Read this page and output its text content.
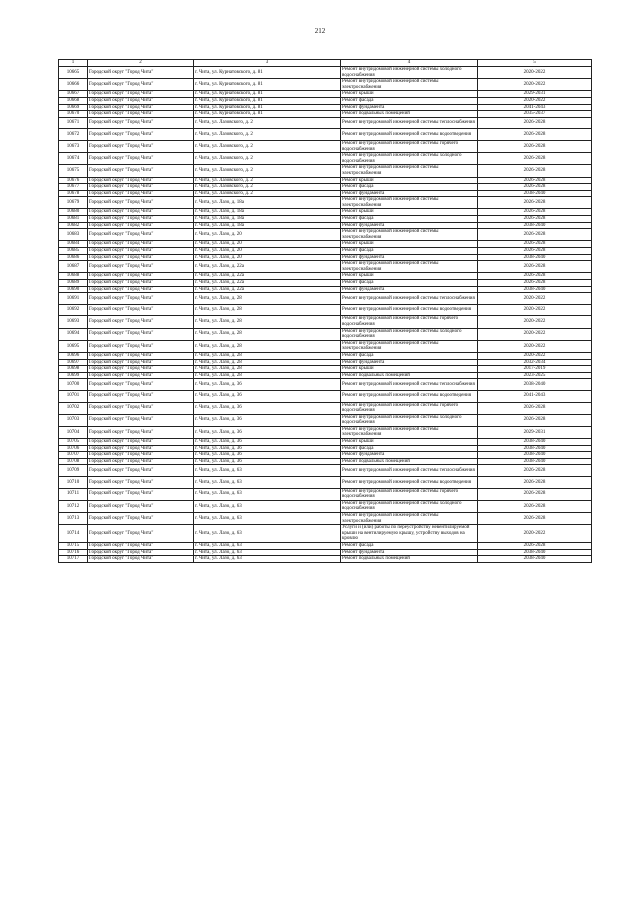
212
1	2	3	4	5
10665	Городской округ "Город Чита"	г. Чита, ул. Курнатовского, д. 81	Ремонт внутридомовой инженерной системы холодного водоснабжения	2020-2022
10666	Городской округ "Город Чита"	г. Чита, ул. Курнатовского, д. 81	Ремонт внутридомовой инженерной системы электроснабжения	2020-2022
10667	Городской округ "Город Чита"	г. Чита, ул. Курнатовского, д. 81	Ремонт крыши	2029-2031
10668	Городской округ "Город Чита"	г. Чита, ул. Курнатовского, д. 81	Ремонт фасада	2020-2022
10669	Городской округ "Город Чита"	г. Чита, ул. Курнатовского, д. 81	Ремонт фундамента	2041-2043
10670	Городской округ "Город Чита"	г. Чита, ул. Курнатовского, д. 81	Ремонт подвальных помещений	2035-2037
10671	Городской округ "Город Чита"	г. Чита, ул. Лазовского, д. 2	Ремонт внутридомовой инженерной системы теплоснабжения	2026-2028
10672	Городской округ "Город Чита"	г. Чита, ул. Лазовского, д. 2	Ремонт внутридомовой инженерной системы водоотведения	2026-2028
10673	Городской округ "Город Чита"	г. Чита, ул. Лазовского, д. 2	Ремонт внутридомовой инженерной системы горячего водоснабжения	2026-2028
10674	Городской округ "Город Чита"	г. Чита, ул. Лазовского, д. 2	Ремонт внутридомовой инженерной системы холодного водоснабжения	2026-2028
10675	Городской округ "Город Чита"	г. Чита, ул. Лазовского, д. 2	Ремонт внутридомовой инженерной системы электроснабжения	2026-2028
10676	Городской округ "Город Чита"	г. Чита, ул. Лазовского, д. 2	Ремонт крыши	2026-2028
10677	Городской округ "Город Чита"	г. Чита, ул. Лазовского, д. 2	Ремонт фасада	2026-2028
10678	Городской округ "Город Чита"	г. Чита, ул. Лазовского, д. 2	Ремонт фундамента	2038-2040
10679	Городской округ "Город Чита"	г. Чита, ул. Лазо, д. 18а	Ремонт внутридомовой инженерной системы электроснабжения	2026-2028
10680	Городской округ "Город Чита"	г. Чита, ул. Лазо, д. 18а	Ремонт крыши	2026-2028
10681	Городской округ "Город Чита"	г. Чита, ул. Лазо, д. 18а	Ремонт фасада	2026-2028
10682	Городской округ "Город Чита"	г. Чита, ул. Лазо, д. 18а	Ремонт фундамента	2038-2040
10683	Городской округ "Город Чита"	г. Чита, ул. Лазо, д. 20	Ремонт внутридомовой инженерной системы электроснабжения	2026-2028
10684	Городской округ "Город Чита"	г. Чита, ул. Лазо, д. 20	Ремонт крыши	2026-2028
10685	Городской округ "Город Чита"	г. Чита, ул. Лазо, д. 20	Ремонт фасада	2026-2028
10686	Городской округ "Город Чита"	г. Чита, ул. Лазо, д. 20	Ремонт фундамента	2038-2040
10687	Городской округ "Город Чита"	г. Чита, ул. Лазо, д. 22а	Ремонт внутридомовой инженерной системы электроснабжения	2026-2028
10688	Городской округ "Город Чита"	г. Чита, ул. Лазо, д. 22а	Ремонт крыши	2026-2028
10689	Городской округ "Город Чита"	г. Чита, ул. Лазо, д. 22а	Ремонт фасада	2026-2028
10690	Городской округ "Город Чита"	г. Чита, ул. Лазо, д. 22а	Ремонт фундамента	2038-2040
10691	Городской округ "Город Чита"	г. Чита, ул. Лазо, д. 28	Ремонт внутридомовой инженерной системы теплоснабжения	2020-2022
10692	Городской округ "Город Чита"	г. Чита, ул. Лазо, д. 28	Ремонт внутридомовой инженерной системы водоотведения	2020-2022
10693	Городской округ "Город Чита"	г. Чита, ул. Лазо, д. 28	Ремонт внутридомовой инженерной системы горячего водоснабжения	2020-2022
10694	Городской округ "Город Чита"	г. Чита, ул. Лазо, д. 28	Ремонт внутридомовой инженерной системы холодного водоснабжения	2020-2022
10695	Городской округ "Город Чита"	г. Чита, ул. Лазо, д. 28	Ремонт внутридомовой инженерной системы электроснабжения	2020-2022
10696	Городской округ "Город Чита"	г. Чита, ул. Лазо, д. 28	Ремонт фасада	2020-2022
10697	Городской округ "Город Чита"	г. Чита, ул. Лазо, д. 28	Ремонт фундамента	2032-2034
10698	Городской округ "Город Чита"	г. Чита, ул. Лазо, д. 28	Ремонт крыши	2017-2019
10699	Городской округ "Город Чита"	г. Чита, ул. Лазо, д. 28	Ремонт подвальных помещений	2023-2025
10700	Городской округ "Город Чита"	г. Чита, ул. Лазо, д. 36	Ремонт внутридомовой инженерной системы теплоснабжения	2038-2040
10701	Городской округ "Город Чита"	г. Чита, ул. Лазо, д. 36	Ремонт внутридомовой инженерной системы водоотведения	2041-2043
10702	Городской округ "Город Чита"	г. Чита, ул. Лазо, д. 36	Ремонт внутридомовой инженерной системы горячего водоснабжения	2026-2028
10703	Городской округ "Город Чита"	г. Чита, ул. Лазо, д. 36	Ремонт внутридомовой инженерной системы холодного водоснабжения	2026-2028
10704	Городской округ "Город Чита"	г. Чита, ул. Лазо, д. 36	Ремонт внутридомовой инженерной системы электроснабжения	2029-2031
10705	Городской округ "Город Чита"	г. Чита, ул. Лазо, д. 36	Ремонт крыши	2038-2040
10706	Городской округ "Город Чита"	г. Чита, ул. Лазо, д. 36	Ремонт фасада	2038-2040
10707	Городской округ "Город Чита"	г. Чита, ул. Лазо, д. 36	Ремонт фундамента	2038-2040
10708	Городской округ "Город Чита"	г. Чита, ул. Лазо, д. 36	Ремонт подвальных помещений	2038-2040
10709	Городской округ "Город Чита"	г. Чита, ул. Лазо, д. 63	Ремонт внутридомовой инженерной системы теплоснабжения	2026-2028
10710	Городской округ "Город Чита"	г. Чита, ул. Лазо, д. 63	Ремонт внутридомовой инженерной системы водоотведения	2026-2028
10711	Городской округ "Город Чита"	г. Чита, ул. Лазо, д. 63	Ремонт внутридомовой инженерной системы горячего водоснабжения	2026-2028
10712	Городской округ "Город Чита"	г. Чита, ул. Лазо, д. 63	Ремонт внутридомовой инженерной системы холодного водоснабжения	2026-2028
10713	Городской округ "Город Чита"	г. Чита, ул. Лазо, д. 63	Ремонт внутридомовой инженерной системы электроснабжения	2026-2028
10714	Городской округ "Город Чита"	г. Чита, ул. Лазо, д. 63	Услуги и (или) работы по переустройству невентилируемой крыши на вентилируемую крышу, устройству выходов на кровлю	2020-2022
10715	Городской округ "Город Чита"	г. Чита, ул. Лазо, д. 63	Ремонт фасада	2026-2028
10716	Городской округ "Город Чита"	г. Чита, ул. Лазо, д. 63	Ремонт фундамента	2038-2040
10717	Городской округ "Город Чита"	г. Чита, ул. Лазо, д. 63	Ремонт подвальных помещений	2038-2040
